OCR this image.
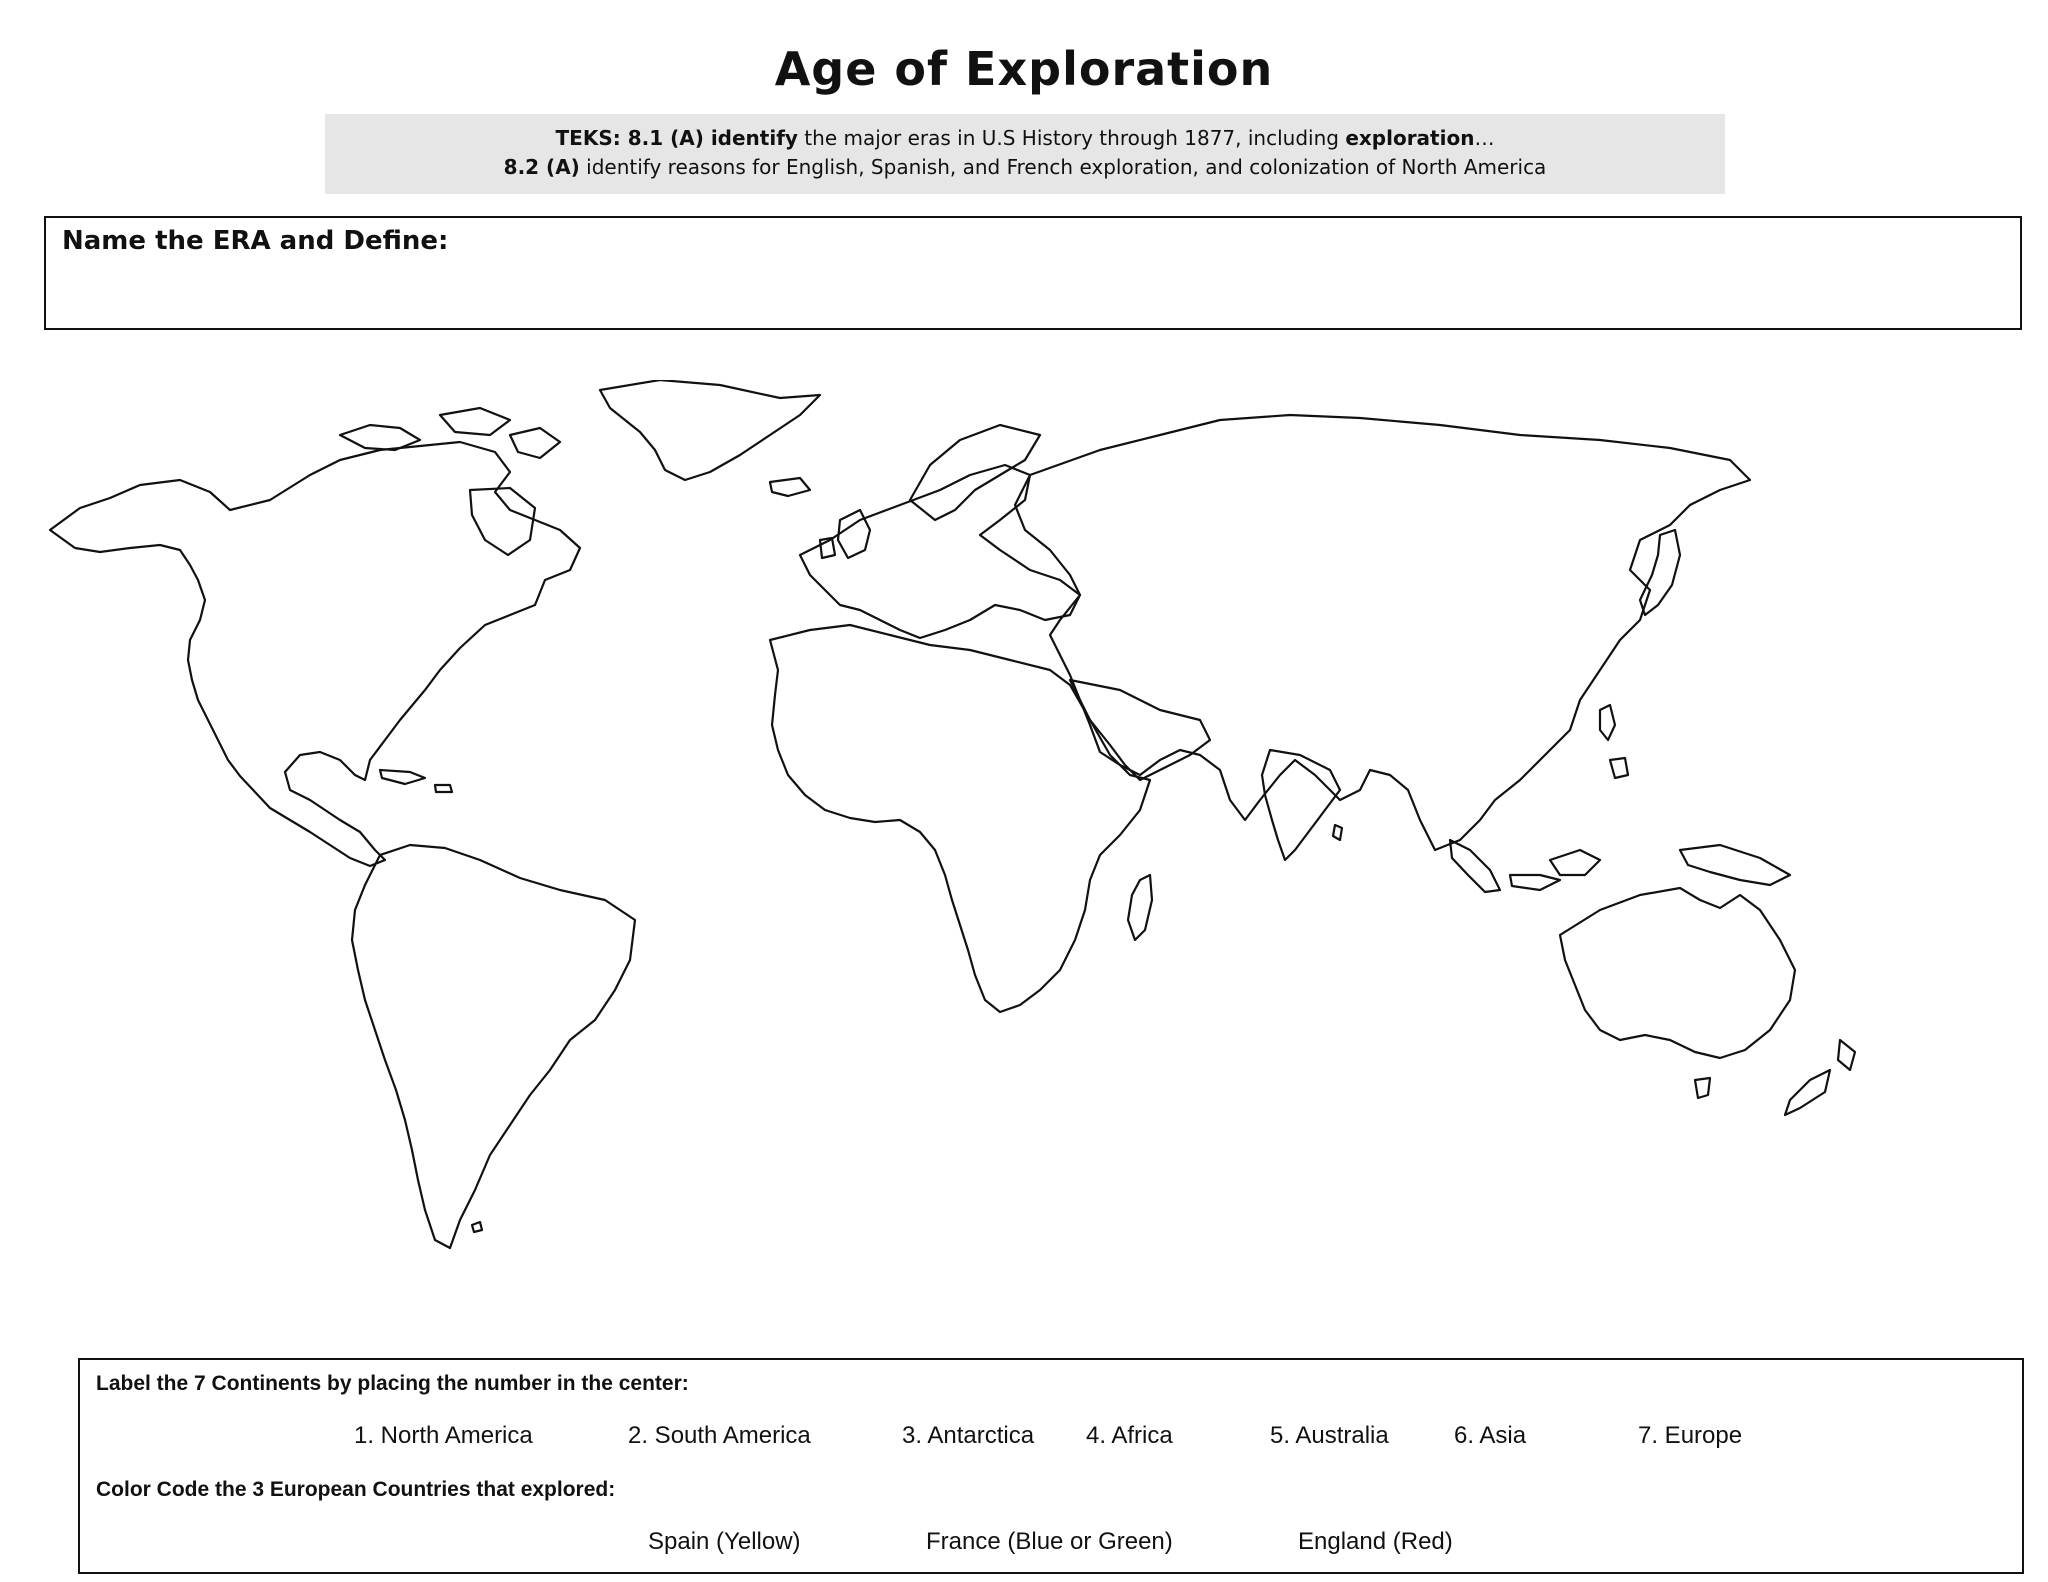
Age of Exploration
TEKS: 8.1 (A) identify the major eras in U.S History through 1877, including exploration…
8.2 (A) identify reasons for English, Spanish, and French exploration, and colonization of North America
Name the ERA and Define:
Label the 7 Continents by placing the number in the center:
1. North America	2. South America	3. Antarctica 4. Africa	5. Australia	6. Asia	7. Europe
Color Code the 3 European Countries that explored:
Spain (Yellow)	France (Blue or Green)	England (Red)
